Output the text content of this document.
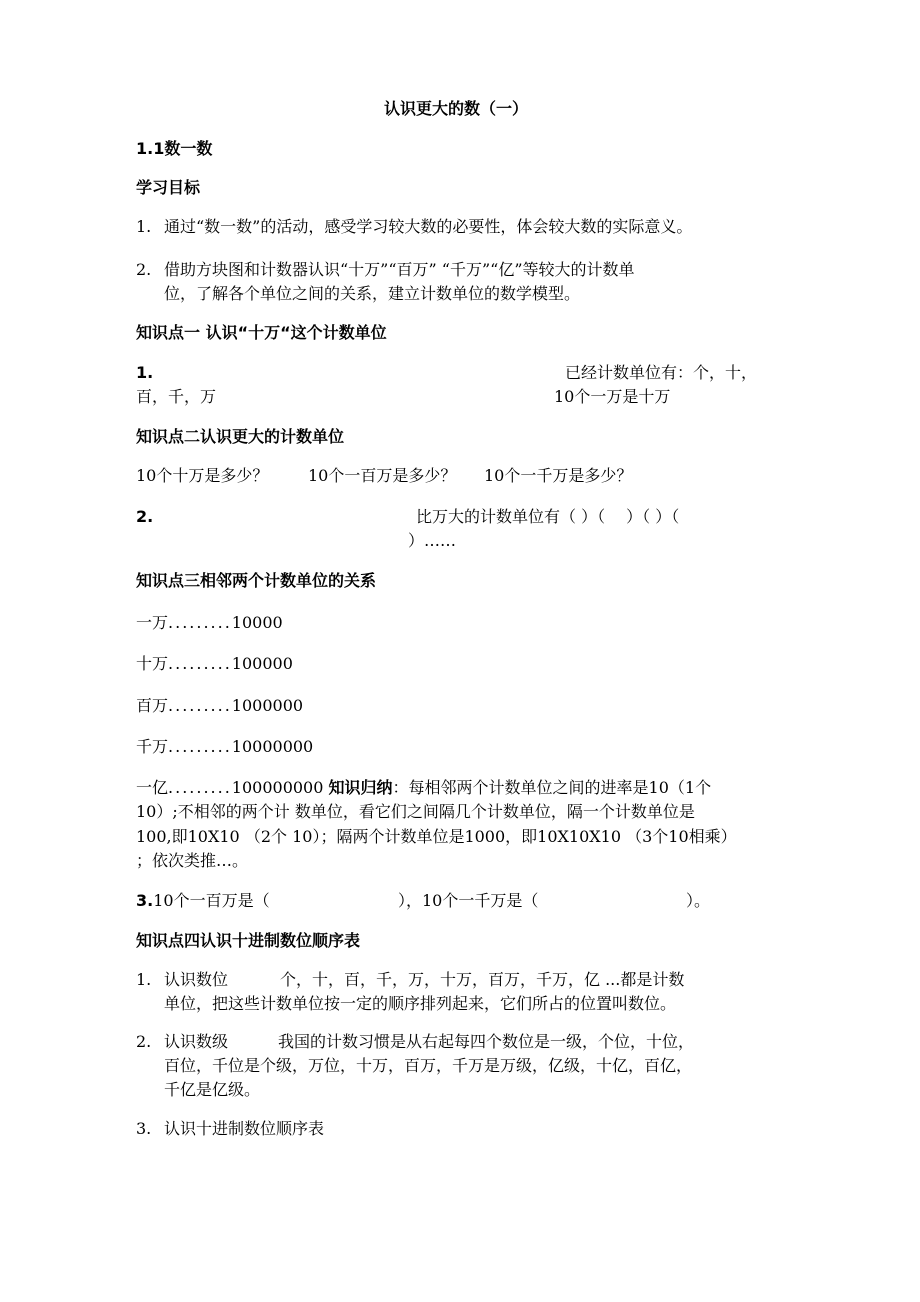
认识更大的数（一）
1.1数一数
学习目标
1. 通过“数一数”的活动，感受学习较大数的必要性，体会较大数的实际意义。
2. 借助方块图和计数器认识“十万”“百万” “千万”“亿”等较大的计数单
位，了解各个单位之间的关系，建立计数单位的数学模型。
知识点一 认识“十万“这个计数单位
1.	已经计数单位有：个，十，
百，千，万	10个一万是十万
知识点二认识更大的计数单位
10个十万是多少？ 10个一百万是多少？ 10个一千万是多少？
2.	比万大的计数单位有（ ）（　 ）（ ）（
）……
知识点三相邻两个计数单位的关系
一万.........10000
十万.........100000
百万.........1000000
千万.........10000000
一亿.........100000000 知识归纳：每相邻两个计数单位之间的进率是10（1个
10）;不相邻的两个计 数单位，看它们之间隔几个计数单位，隔一个计数单位是
100,即10X10 （2个 10）；隔两个计数单位是1000，即10X10X10 （3个10相乘）
；依次类推…。
3.10个一百万是（	），10个一千万是（	）。
知识点四认识十进制数位顺序表
1. 认识数位	个，十，百，千，万，十万，百万，千万，亿 ...都是计数
单位，把这些计数单位按一定的顺序排列起来，它们所占的位置叫数位。
2. 认识数级	我国的计数习惯是从右起每四个数位是一级，个位，十位，
百位，千位是个级，万位，十万，百万，千万是万级，亿级，十亿，百亿，
千亿是亿级。
3. 认识十进制数位顺序表
